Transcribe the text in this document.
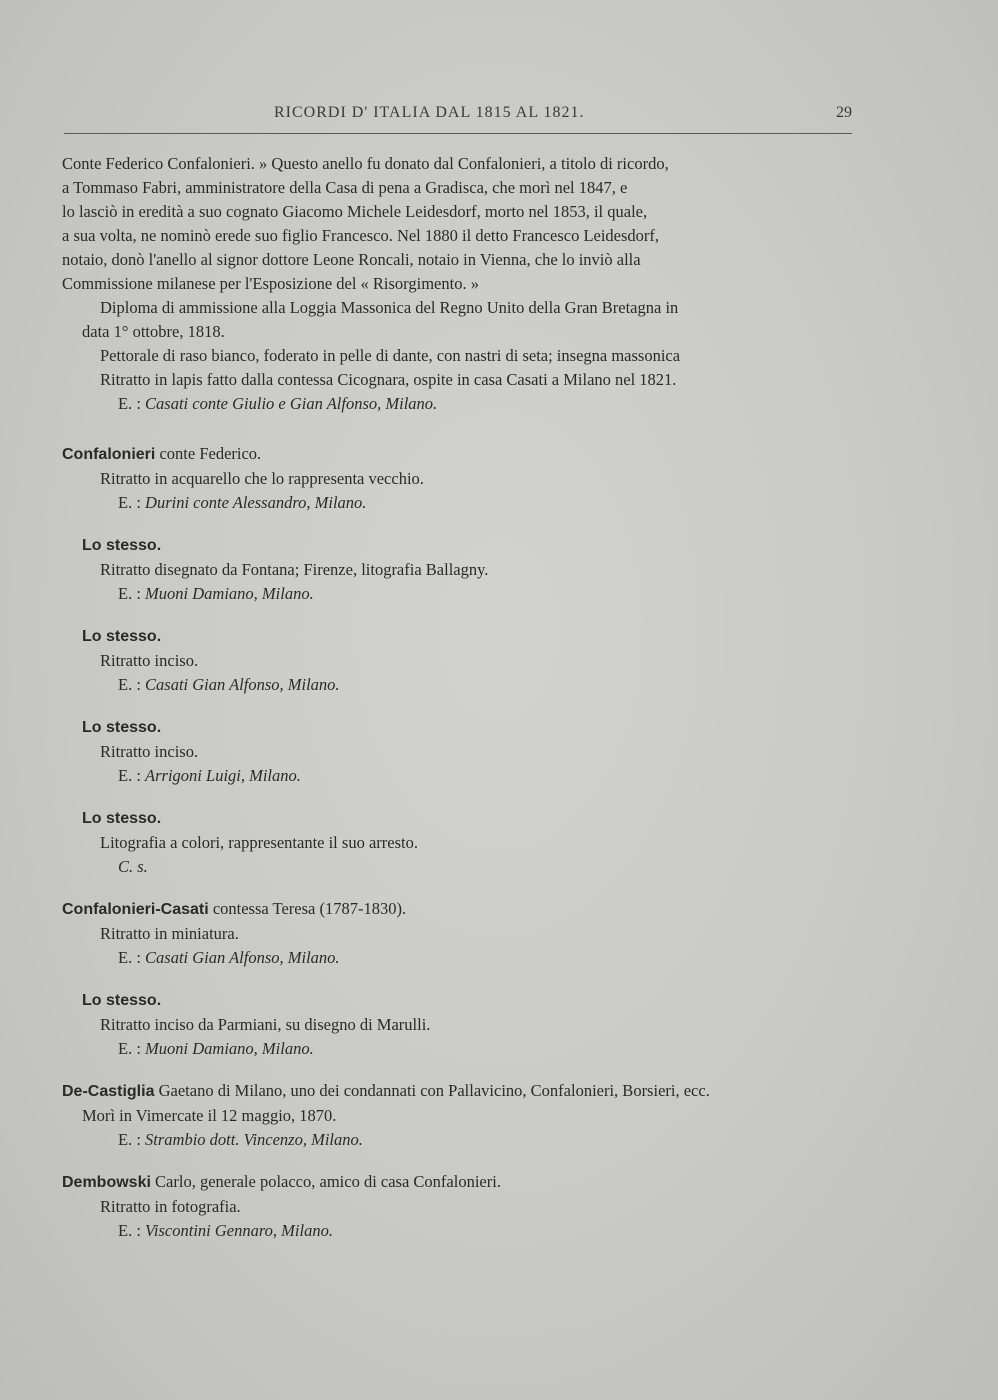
RICORDI D' ITALIA DAL 1815 AL 1821.	29

Conte Federico Confalonieri. » Questo anello fu donato dal Confalonieri, a titolo di ricordo,

a Tommaso Fabri, amministratore della Casa di pena a Gradisca, che morì nel 1847, e

lo lasciò in eredità a suo cognato Giacomo Michele Leidesdorf, morto nel 1853, il quale,

a sua volta, ne nominò erede suo figlio Francesco. Nel 1880 il detto Francesco Leidesdorf,

notaio, donò l'anello al signor dottore Leone Roncali, notaio in Vienna, che lo inviò alla

Commissione milanese per l'Esposizione del « Risorgimento. »

Diploma di ammissione alla Loggia Massonica del Regno Unito della Gran Bretagna in

data 1° ottobre, 1818.

Pettorale di raso bianco, foderato in pelle di dante, con nastri di seta; insegna massonica

Ritratto in lapis fatto dalla contessa Cicognara, ospite in casa Casati a Milano nel 1821.

E. : Casati conte Giulio e Gian Alfonso, Milano.

Confalonieri conte Federico.

Ritratto in acquarello che lo rappresenta vecchio.

E. : Durini conte Alessandro, Milano.

Lo stesso.

Ritratto disegnato da Fontana; Firenze, litografia Ballagny.

E. : Muoni Damiano, Milano.

Lo stesso.

Ritratto inciso.

E. : Casati Gian Alfonso, Milano.

Lo stesso.

Ritratto inciso.

E. : Arrigoni Luigi, Milano.

Lo stesso.

Litografia a colori, rappresentante il suo arresto.

C. s.

Confalonieri-Casati contessa Teresa (1787-1830).

Ritratto in miniatura.

E. : Casati Gian Alfonso, Milano.

Lo stesso.

Ritratto inciso da Parmiani, su disegno di Marulli.

E. : Muoni Damiano, Milano.

De-Castiglia Gaetano di Milano, uno dei condannati con Pallavicino, Confalonieri, Borsieri, ecc.

Morì in Vimercate il 12 maggio, 1870.

E. : Strambio dott. Vincenzo, Milano.

Dembowski Carlo, generale polacco, amico di casa Confalonieri.

Ritratto in fotografia.

E. : Viscontini Gennaro, Milano.
